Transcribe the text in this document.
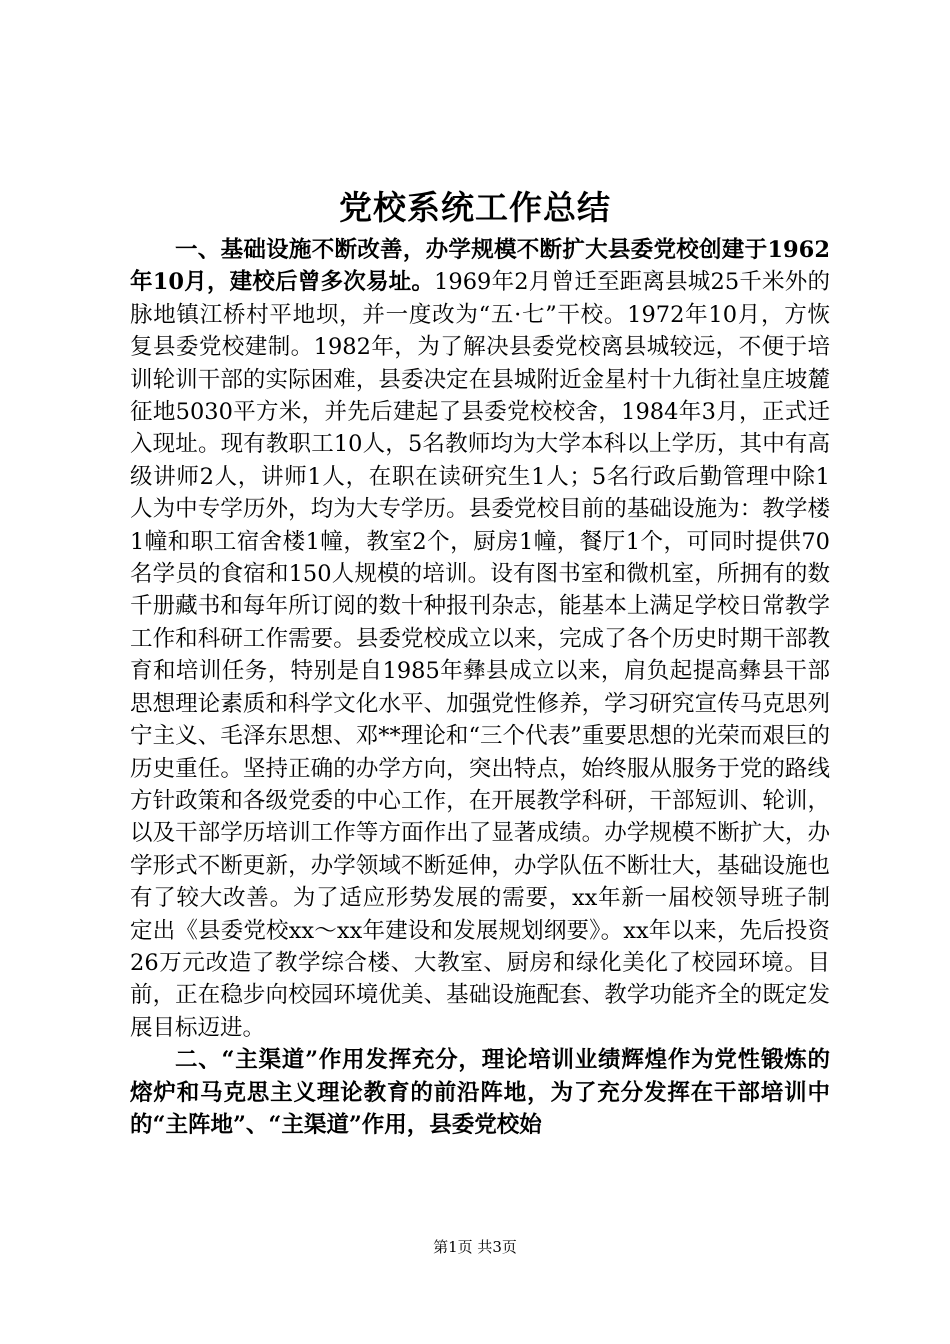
党校系统工作总结

一、基础设施不断改善，办学规模不断扩大县委党校创建于1962年10月，建校后曾多次易址。1969年2月曾迁至距离县城25千米外的脉地镇江桥村平地坝，并一度改为“五·七”干校。1972年10月，方恢复县委党校建制。1982年，为了解决县委党校离县城较远，不便于培训轮训干部的实际困难，县委决定在县城附近金星村十九街社皇庄坡麓征地5030平方米，并先后建起了县委党校校舍，1984年3月，正式迁入现址。现有教职工10人，5名教师均为大学本科以上学历，其中有高级讲师2人，讲师1人，在职在读研究生1人；5名行政后勤管理中除1人为中专学历外，均为大专学历。县委党校目前的基础设施为：教学楼1幢和职工宿舍楼1幢，教室2个，厨房1幢，餐厅1个，可同时提供70名学员的食宿和150人规模的培训。设有图书室和微机室，所拥有的数千册藏书和每年所订阅的数十种报刊杂志，能基本上满足学校日常教学工作和科研工作需要。县委党校成立以来，完成了各个历史时期干部教育和培训任务，特别是自1985年彝县成立以来，肩负起提高彝县干部思想理论素质和科学文化水平、加强党性修养，学习研究宣传马克思列宁主义、毛泽东思想、邓**理论和“三个代表”重要思想的光荣而艰巨的历史重任。坚持正确的办学方向，突出特点，始终服从服务于党的路线方针政策和各级党委的中心工作，在开展教学科研，干部短训、轮训，以及干部学历培训工作等方面作出了显著成绩。办学规模不断扩大，办学形式不断更新，办学领域不断延伸，办学队伍不断壮大，基础设施也有了较大改善。为了适应形势发展的需要，xx年新一届校领导班子制定出《县委党校xx～xx年建设和发展规划纲要》。xx年以来，先后投资26万元改造了教学综合楼、大教室、厨房和绿化美化了校园环境。目前，正在稳步向校园环境优美、基础设施配套、教学功能齐全的既定发展目标迈进。

二、“主渠道”作用发挥充分，理论培训业绩辉煌作为党性锻炼的熔炉和马克思主义理论教育的前沿阵地，为了充分发挥在干部培训中的“主阵地”、“主渠道”作用，县委党校始

第1页 共3页
